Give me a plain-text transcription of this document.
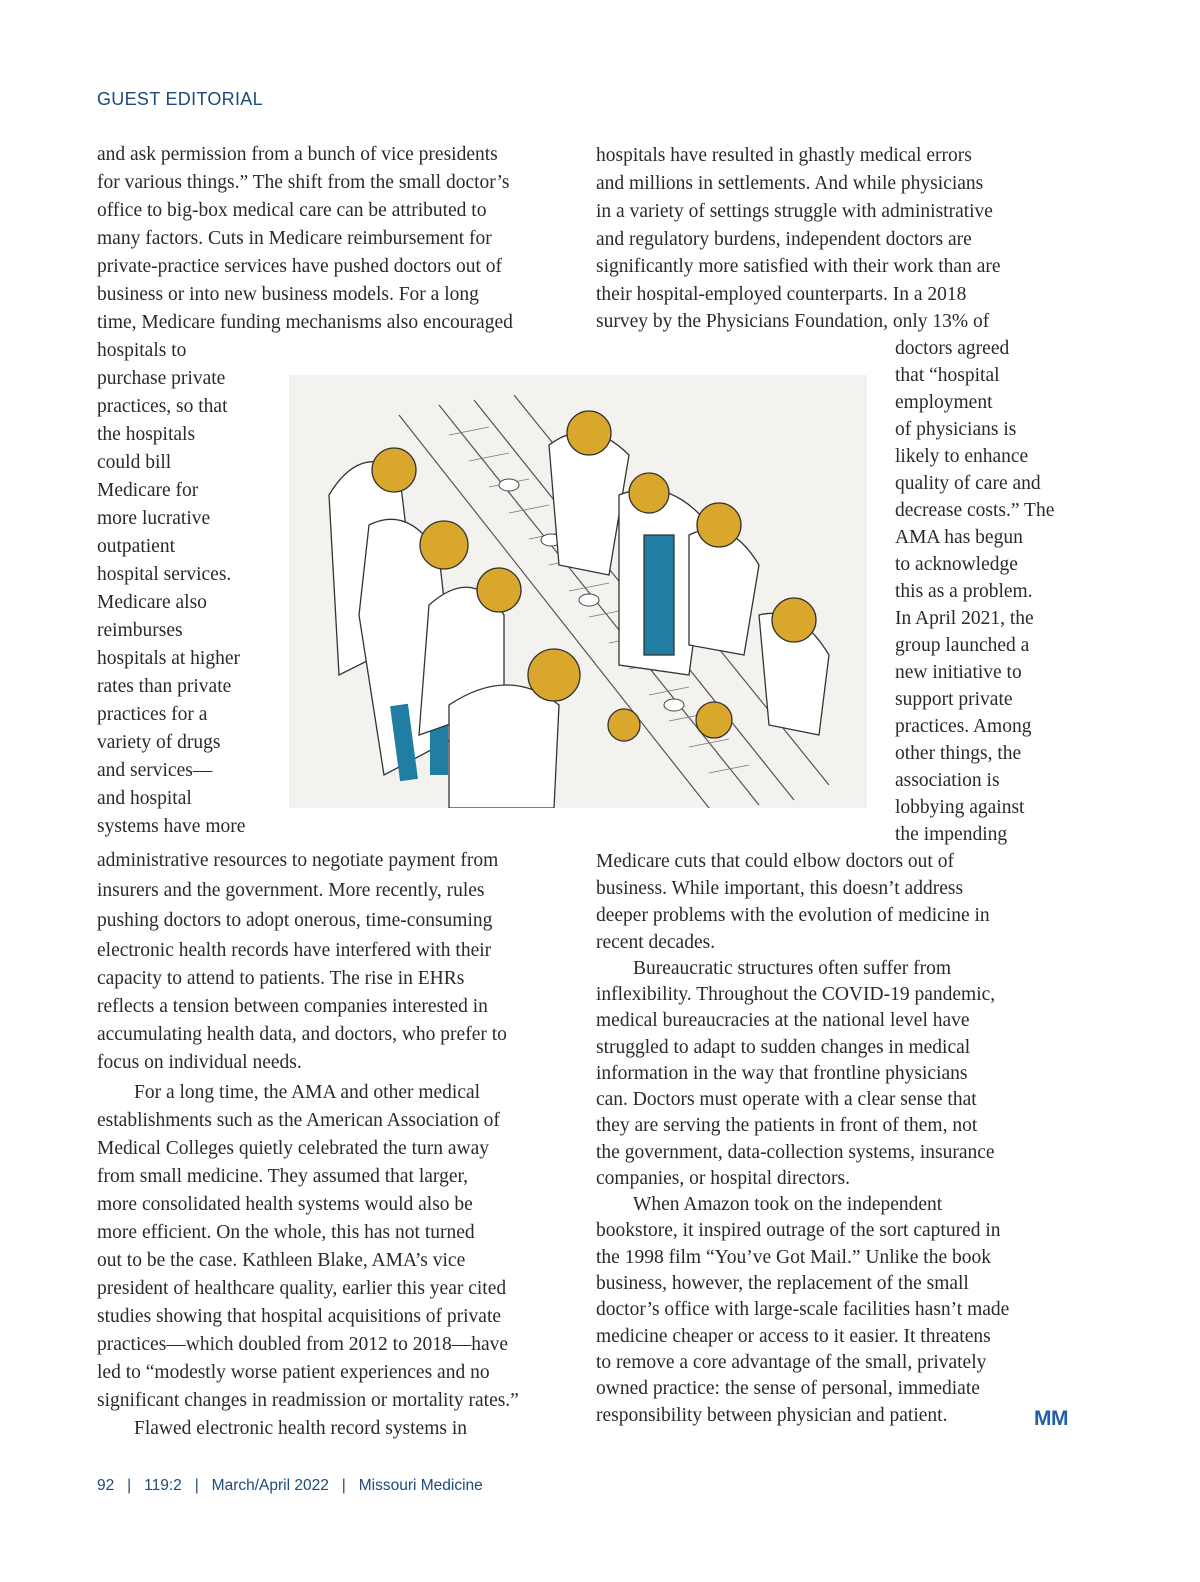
GUEST EDITORIAL
and ask permission from a bunch of vice presidents
for various things.” The shift from the small doctor’s
office to big-box medical care can be attributed to
many factors. Cuts in Medicare reimbursement for
private-practice services have pushed doctors out of
business or into new business models. For a long
time, Medicare funding mechanisms also encouraged
hospitals to
purchase private
practices, so that
the hospitals
could bill
Medicare for
more lucrative
outpatient
hospital services.
Medicare also
reimburses
hospitals at higher
rates than private
practices for a
variety of drugs
and services—
and hospital
systems have more
administrative resources to negotiate payment from
insurers and the government. More recently, rules
pushing doctors to adopt onerous, time-consuming
electronic health records have interfered with their
capacity to attend to patients. The rise in EHRs
reflects a tension between companies interested in
accumulating health data, and doctors, who prefer to
focus on individual needs.
For a long time, the AMA and other medical
establishments such as the American Association of
Medical Colleges quietly celebrated the turn away
from small medicine. They assumed that larger,
more consolidated health systems would also be
more efficient. On the whole, this has not turned
out to be the case. Kathleen Blake, AMA’s vice
president of healthcare quality, earlier this year cited
studies showing that hospital acquisitions of private
practices—which doubled from 2012 to 2018—have
led to “modestly worse patient experiences and no
significant changes in readmission or mortality rates.”
Flawed electronic health record systems in
hospitals have resulted in ghastly medical errors
and millions in settlements. And while physicians
in a variety of settings struggle with administrative
and regulatory burdens, independent doctors are
significantly more satisfied with their work than are
their hospital-employed counterparts. In a 2018
survey by the Physicians Foundation, only 13% of
doctors agreed
that “hospital
employment
of physicians is
likely to enhance
quality of care and
decrease costs.” The
AMA has begun
to acknowledge
this as a problem.
In April 2021, the
group launched a
new initiative to
support private
practices. Among
other things, the
association is
lobbying against
the impending
Medicare cuts that could elbow doctors out of
business. While important, this doesn’t address
deeper problems with the evolution of medicine in
recent decades.
Bureaucratic structures often suffer from
inflexibility. Throughout the COVID-19 pandemic,
medical bureaucracies at the national level have
struggled to adapt to sudden changes in medical
information in the way that frontline physicians
can. Doctors must operate with a clear sense that
they are serving the patients in front of them, not
the government, data-collection systems, insurance
companies, or hospital directors.
When Amazon took on the independent
bookstore, it inspired outrage of the sort captured in
the 1998 film “You’ve Got Mail.” Unlike the book
business, however, the replacement of the small
doctor’s office with large-scale facilities hasn’t made
medicine cheaper or access to it easier. It threatens
to remove a core advantage of the small, privately
owned practice: the sense of personal, immediate
responsibility between physician and patient.	MM
92   |   119:2   |   March/April 2022   |   Missouri Medicine
